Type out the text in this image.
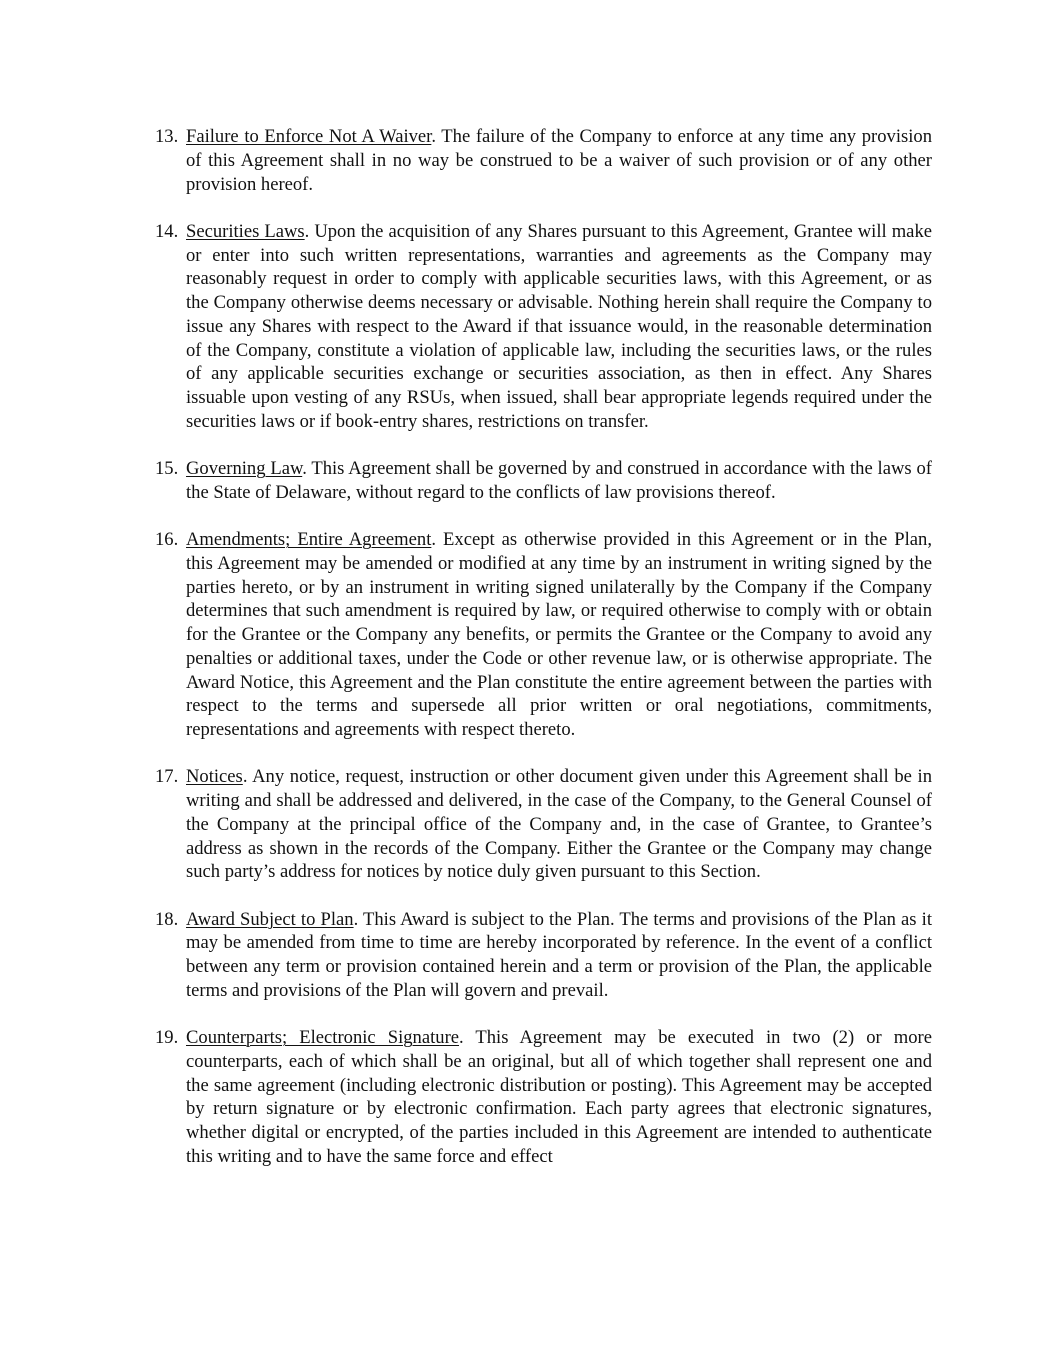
13. Failure to Enforce Not A Waiver. The failure of the Company to enforce at any time any provision of this Agreement shall in no way be construed to be a waiver of such provision or of any other provision hereof.
14. Securities Laws. Upon the acquisition of any Shares pursuant to this Agreement, Grantee will make or enter into such written representations, warranties and agreements as the Company may reasonably request in order to comply with applicable securities laws, with this Agreement, or as the Company otherwise deems necessary or advisable. Nothing herein shall require the Company to issue any Shares with respect to the Award if that issuance would, in the reasonable determination of the Company, constitute a violation of applicable law, including the securities laws, or the rules of any applicable securities exchange or securities association, as then in effect. Any Shares issuable upon vesting of any RSUs, when issued, shall bear appropriate legends required under the securities laws or if book-entry shares, restrictions on transfer.
15. Governing Law. This Agreement shall be governed by and construed in accordance with the laws of the State of Delaware, without regard to the conflicts of law provisions thereof.
16. Amendments; Entire Agreement. Except as otherwise provided in this Agreement or in the Plan, this Agreement may be amended or modified at any time by an instrument in writing signed by the parties hereto, or by an instrument in writing signed unilaterally by the Company if the Company determines that such amendment is required by law, or required otherwise to comply with or obtain for the Grantee or the Company any benefits, or permits the Grantee or the Company to avoid any penalties or additional taxes, under the Code or other revenue law, or is otherwise appropriate. The Award Notice, this Agreement and the Plan constitute the entire agreement between the parties with respect to the terms and supersede all prior written or oral negotiations, commitments, representations and agreements with respect thereto.
17. Notices. Any notice, request, instruction or other document given under this Agreement shall be in writing and shall be addressed and delivered, in the case of the Company, to the General Counsel of the Company at the principal office of the Company and, in the case of Grantee, to Grantee’s address as shown in the records of the Company. Either the Grantee or the Company may change such party’s address for notices by notice duly given pursuant to this Section.
18. Award Subject to Plan. This Award is subject to the Plan. The terms and provisions of the Plan as it may be amended from time to time are hereby incorporated by reference. In the event of a conflict between any term or provision contained herein and a term or provision of the Plan, the applicable terms and provisions of the Plan will govern and prevail.
19. Counterparts; Electronic Signature. This Agreement may be executed in two (2) or more counterparts, each of which shall be an original, but all of which together shall represent one and the same agreement (including electronic distribution or posting). This Agreement may be accepted by return signature or by electronic confirmation. Each party agrees that electronic signatures, whether digital or encrypted, of the parties included in this Agreement are intended to authenticate this writing and to have the same force and effect
